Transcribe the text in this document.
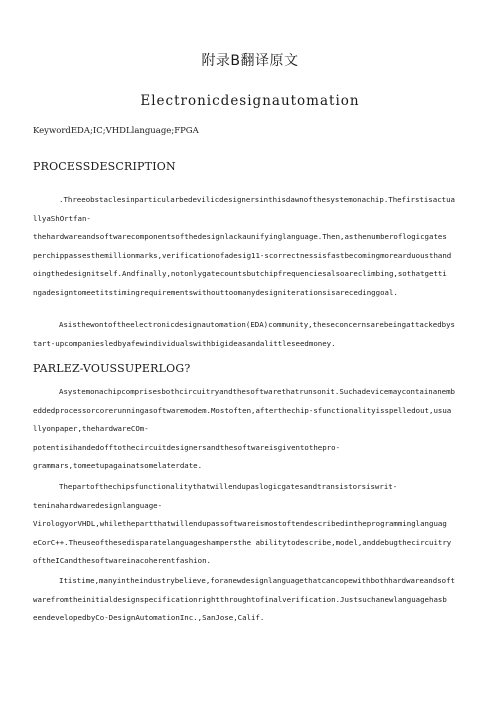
附录B翻译原文
Electronicdesignautomation
KeywordEDA;IC;VHDLlanguage;FPGA
PROCESSDESCRIPTION
.Threeobstaclesinparticularbedevilicdesignersinthisdawnofthesystemonachip.Thefirstisactua
llyaShOrtfan-
thehardwareandsoftwarecomponentsofthedesignlackaunifyinglanguage.Then,asthenumberoflogicgates
perchippassesthemillionmarks,verificationofadesig11-scorrectnessisfastbecomingmorearduousthand
oingthedesignitself.Andfinally,notonlygatecountsbutchipfrequenciesalsoareclimbing,sothatgetti
ngadesigntomeetitstimingrequirementswithouttoomanydesigniterationsisarecedinggoal.
Asisthewontoftheelectronicdesignautomation(EDA)community,theseconcernsarebeingattackedbys
tart-upcompaniesledbyafewindividualswithbigideasandalittleseedmoney.
PARLEZ-VOUSSUPERLOG?
Asystemonachipcomprisesbothcircuitryandthesoftwarethatrunsonit.Suchadevicemaycontainanemb
eddedprocessorcorerunningasoftwaremodem.Mostoften,afterthechip-sfunctionalityisspelledout,usua
llyonpaper,thehardwareCOm-
potentisihandedofftothecircuitdesignersandthesoftwareisgiventothepro-
grammars,tomeetupagainatsomelaterdate.
Thepartofthechipsfunctionalitythatwillendupaslogicgatesandtransistorsiswrit-
teninahardwaredesignlanguage-
VirologyorVHDL,whilethepartthatwillendupassoftwareismostoftendescribedintheprogramminglanguag
eCorC++.Theuseofthesedisparatelanguageshampersthe abilitytodescribe,model,anddebugthecircuitry
oftheICandthesoftwareinacoherentfashion.
Itistime,manyintheindustrybelieve,foranewdesignlanguagethatcancopewithbothhardwareandsoft
warefromtheinitialdesignspecificationrightthroughtofinalverification.Justsuchanewlanguagehasb
eendevelopedbyCo-DesignAutomationInc.,SanJose,Calif.
